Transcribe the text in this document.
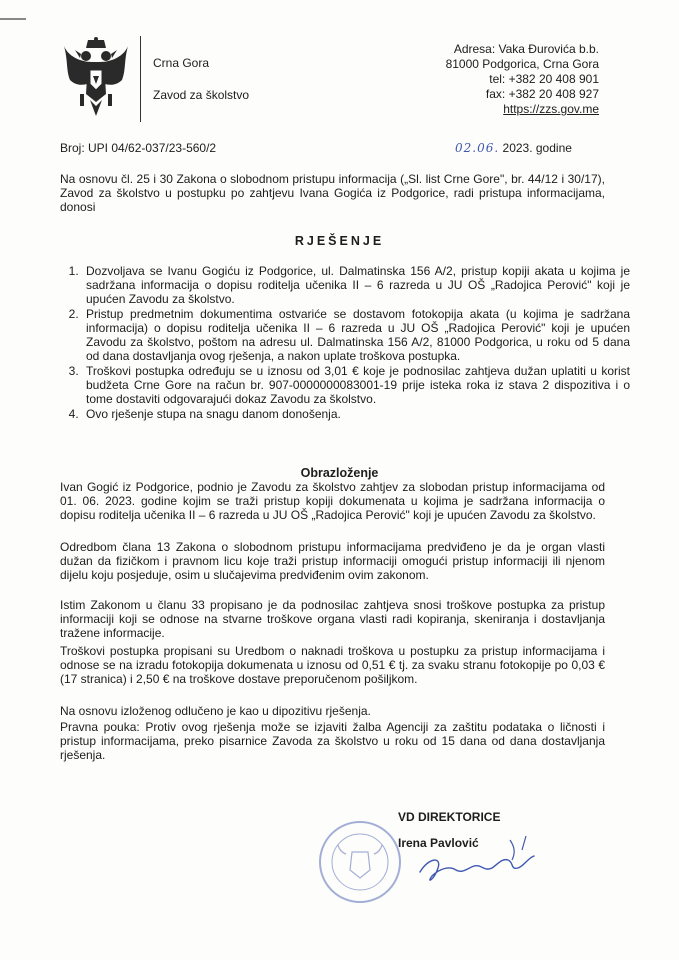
Crna Gora
Zavod za školstvo
Adresa: Vaka Đurovića b.b.
81000 Podgorica, Crna Gora
tel: +382 20 408 901
fax: +382 20 408 927
https://zzs.gov.me
Broj: UPI 04/62-037/23-560/2	02.06. 2023. godine
Na osnovu čl. 25 i 30 Zakona o slobodnom pristupu informacija („Sl. list Crne Gore", br. 44/12 i 30/17), Zavod za školstvo u postupku po zahtjevu Ivana Gogića iz Podgorice, radi pristupa informacijama, donosi
RJEŠENJE
1. Dozvoljava se Ivanu Gogiću iz Podgorice, ul. Dalmatinska 156 A/2, pristup kopiji akata u kojima je sadržana informacija o dopisu roditelja učenika II – 6 razreda u JU OŠ „Radojica Perović" koji je upućen Zavodu za školstvo.
2. Pristup predmetnim dokumentima ostvariće se dostavom fotokopija akata (u kojima je sadržana informacija) o dopisu roditelja učenika II – 6 razreda u JU OŠ „Radojica Perović" koji je upućen Zavodu za školstvo, poštom na adresu ul. Dalmatinska 156 A/2, 81000 Podgorica, u roku od 5 dana od dana dostavljanja ovog rješenja, a nakon uplate troškova postupka.
3. Troškovi postupka određuju se u iznosu od 3,01 € koje je podnosilac zahtjeva dužan uplatiti u korist budžeta Crne Gore na račun br. 907-0000000083001-19 prije isteka roka iz stava 2 dispozitiva i o tome dostaviti odgovarajući dokaz Zavodu za školstvo.
4. Ovo rješenje stupa na snagu danom donošenja.
Obrazloženje
Ivan Gogić iz Podgorice, podnio je Zavodu za školstvo zahtjev za slobodan pristup informacijama od 01. 06. 2023. godine kojim se traži pristup kopiji dokumenata u kojima je sadržana informacija o dopisu roditelja učenika II – 6 razreda u JU OŠ „Radojica Perović" koji je upućen Zavodu za školstvo.
Odredbom člana 13 Zakona o slobodnom pristupu informacijama predviđeno je da je organ vlasti dužan da fizičkom i pravnom licu koje traži pristup informaciji omogući pristup informaciji ili njenom dijelu koju posjeduje, osim u slučajevima predviđenim ovim zakonom.
Istim Zakonom u članu 33 propisano je da podnosilac zahtjeva snosi troškove postupka za pristup informaciji koji se odnose na stvarne troškove organa vlasti radi kopiranja, skeniranja i dostavljanja tražene informacije.
Troškovi postupka propisani su Uredbom o naknadi troškova u postupku za pristup informacijama i odnose se na izradu fotokopija dokumenata u iznosu od 0,51 € tj. za svaku stranu fotokopije po 0,03 € (17 stranica) i 2,50 € na troškove dostave preporučenom pošiljkom.
Na osnovu izloženog odlučeno je kao u dipozitivu rješenja.
Pravna pouka: Protiv ovog rješenja može se izjaviti žalba Agenciji za zaštitu podataka o ličnosti i pristup informacijama, preko pisarnice Zavoda za školstvo u roku od 15 dana od dana dostavljanja rješenja.
VD DIREKTORICE
Irena Pavlović
